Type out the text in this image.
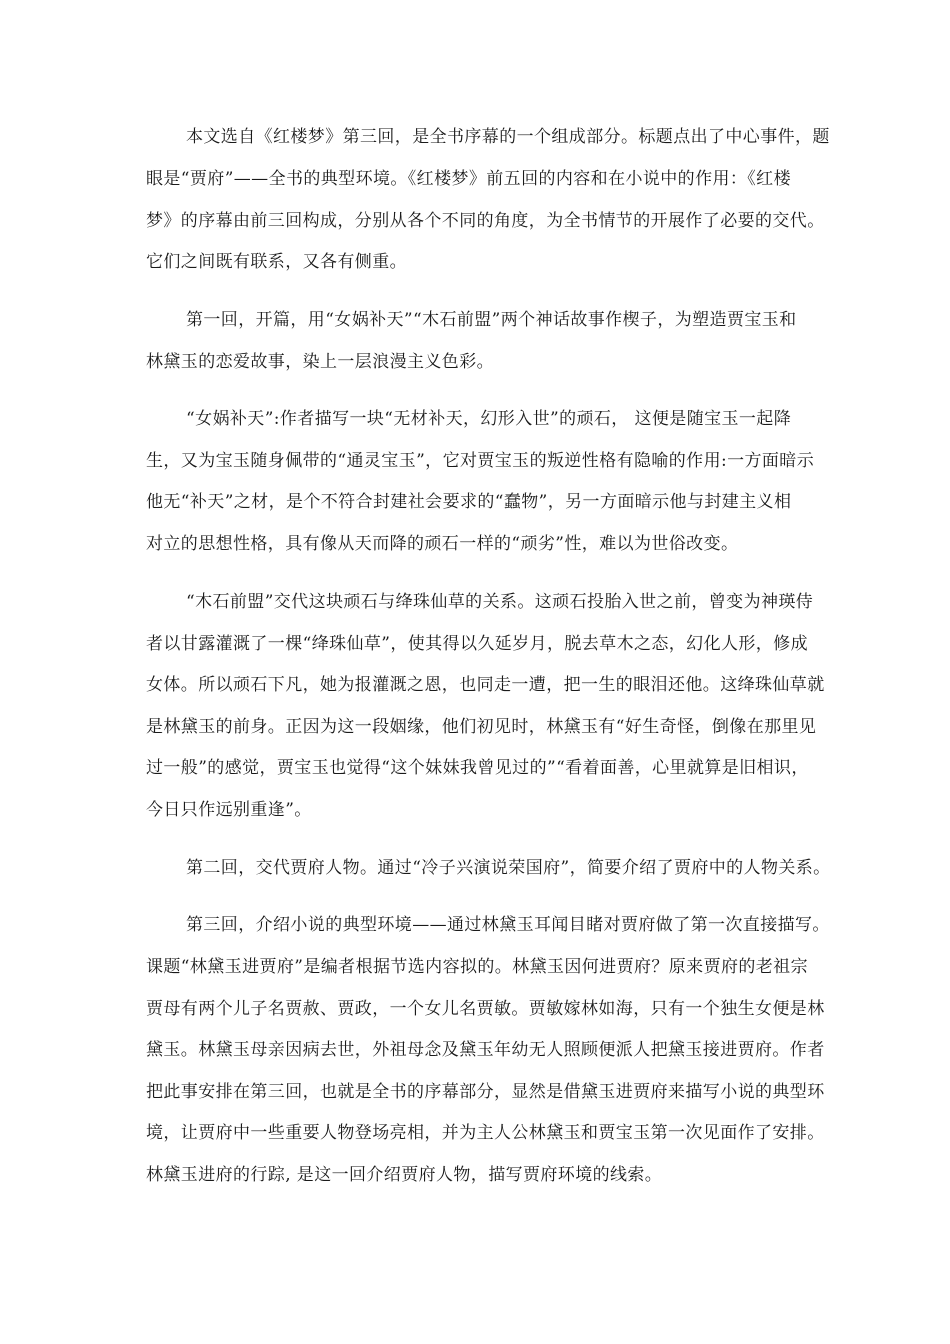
本文选自《红楼梦》第三回，是全书序幕的一个组成部分。标题点出了中心事件，题
眼是“贾府”——全书的典型环境。《红楼梦》前五回的内容和在小说中的作用：《红楼
梦》的序幕由前三回构成，分别从各个不同的角度，为全书情节的开展作了必要的交代。
它们之间既有联系，又各有侧重。
第一回，开篇，用“女娲补天”“木石前盟”两个神话故事作楔子，为塑造贾宝玉和
林黛玉的恋爱故事，染上一层浪漫主义色彩。
“女娲补天”:作者描写一块“无材补天，幻形入世”的顽石， 这便是随宝玉一起降
生，又为宝玉随身佩带的“通灵宝玉”，它对贾宝玉的叛逆性格有隐喻的作用:一方面暗示
他无“补天”之材，是个不符合封建社会要求的“蠢物”，另一方面暗示他与封建主义相
对立的思想性格，具有像从天而降的顽石一样的“顽劣”性，难以为世俗改变。
“木石前盟”交代这块顽石与绛珠仙草的关系。这顽石投胎入世之前，曾变为神瑛侍
者以甘露灌溉了一棵“绛珠仙草”，使其得以久延岁月，脱去草木之态，幻化人形，修成
女体。所以顽石下凡，她为报灌溉之恩，也同走一遭，把一生的眼泪还他。这绛珠仙草就
是林黛玉的前身。正因为这一段姻缘，他们初见时，林黛玉有“好生奇怪，倒像在那里见
过一般”的感觉，贾宝玉也觉得“这个妹妹我曾见过的”“看着面善，心里就算是旧相识，
今日只作远别重逢”。
第二回，交代贾府人物。通过“冷子兴演说荣国府”，简要介绍了贾府中的人物关系。
第三回，介绍小说的典型环境——通过林黛玉耳闻目睹对贾府做了第一次直接描写。
课题“林黛玉进贾府”是编者根据节选内容拟的。林黛玉因何进贾府？原来贾府的老祖宗
贾母有两个儿子名贾赦、贾政，一个女儿名贾敏。贾敏嫁林如海，只有一个独生女便是林
黛玉。林黛玉母亲因病去世，外祖母念及黛玉年幼无人照顾便派人把黛玉接进贾府。作者
把此事安排在第三回，也就是全书的序幕部分，显然是借黛玉进贾府来描写小说的典型环
境，让贾府中一些重要人物登场亮相，并为主人公林黛玉和贾宝玉第一次见面作了安排。
林黛玉进府的行踪, 是这一回介绍贾府人物，描写贾府环境的线索。
